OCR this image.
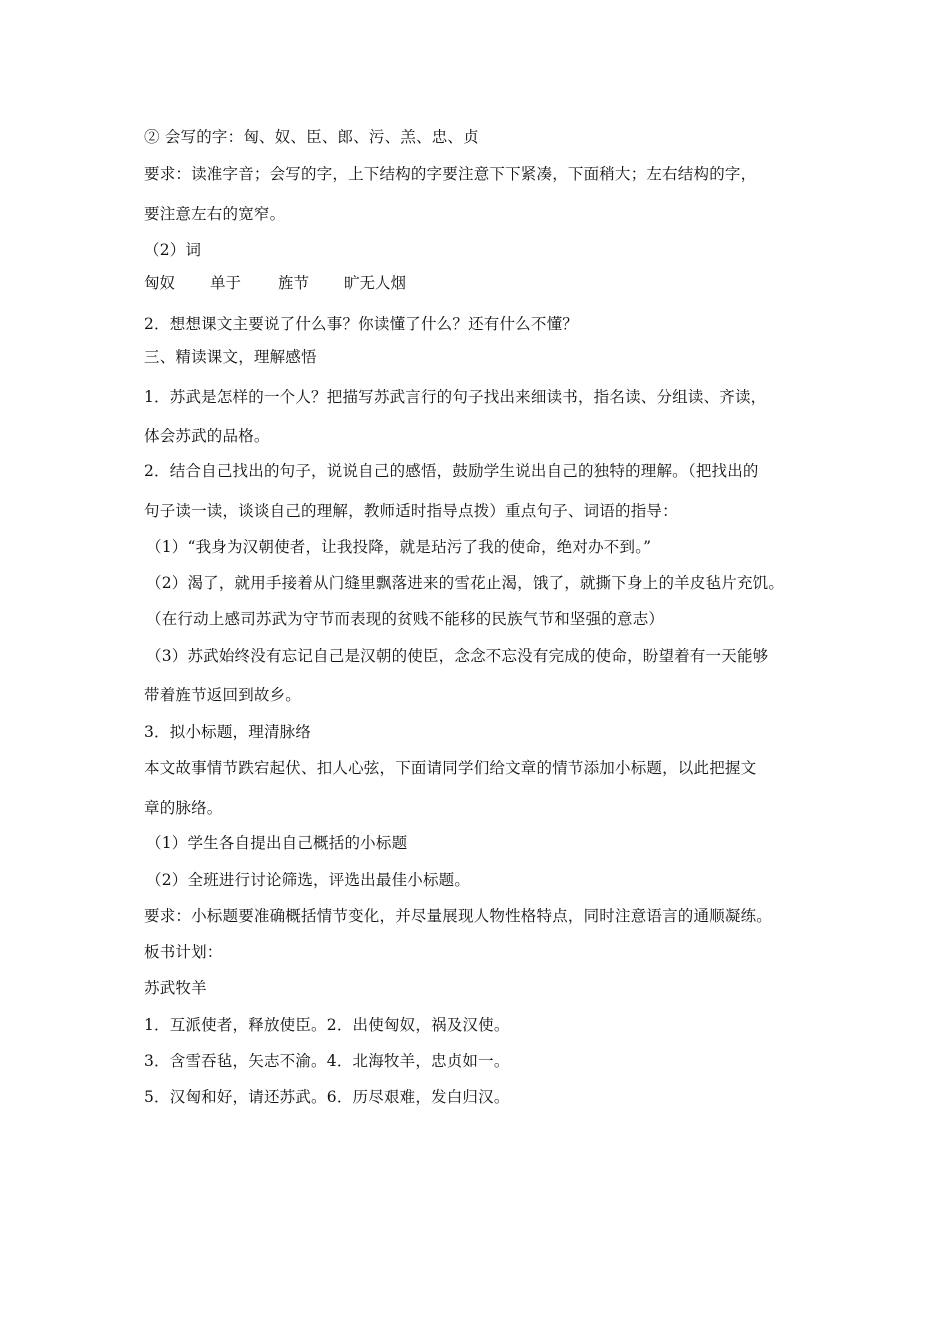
② 会写的字：匈、奴、臣、郎、污、羔、忠、贞
要求：读准字音；会写的字，上下结构的字要注意下下紧凑，下面稍大；左右结构的字，
要注意左右的宽窄。
（2）词
匈奴 单于 旌节 旷无人烟
2．想想课文主要说了什么事？你读懂了什么？还有什么不懂？
三、精读课文，理解感悟
1．苏武是怎样的一个人？把描写苏武言行的句子找出来细读书，指名读、分组读、齐读，
体会苏武的品格。
2．结合自己找出的句子，说说自己的感悟，鼓励学生说出自己的独特的理解。（把找出的
句子读一读，谈谈自己的理解，教师适时指导点拨）重点句子、词语的指导：
（1）“我身为汉朝使者，让我投降，就是玷污了我的使命，绝对办不到。”
（2）渴了，就用手接着从门缝里飘落进来的雪花止渴，饿了，就撕下身上的羊皮毡片充饥。
（在行动上感司苏武为守节而表现的贫贱不能移的民族气节和坚强的意志）
（3）苏武始终没有忘记自己是汉朝的使臣，念念不忘没有完成的使命，盼望着有一天能够
带着旌节返回到故乡。
3．拟小标题，理清脉络
本文故事情节跌宕起伏、扣人心弦，下面请同学们给文章的情节添加小标题，以此把握文
章的脉络。
（1）学生各自提出自己概括的小标题
（2）全班进行讨论筛选，评选出最佳小标题。
要求：小标题要准确概括情节变化，并尽量展现人物性格特点，同时注意语言的通顺凝练。
板书计划：
苏武牧羊
1．互派使者，释放使臣。2．出使匈奴，祸及汉使。
3．含雪吞毡，矢志不渝。4．北海牧羊，忠贞如一。
5．汉匈和好，请还苏武。6．历尽艰难，发白归汉。
